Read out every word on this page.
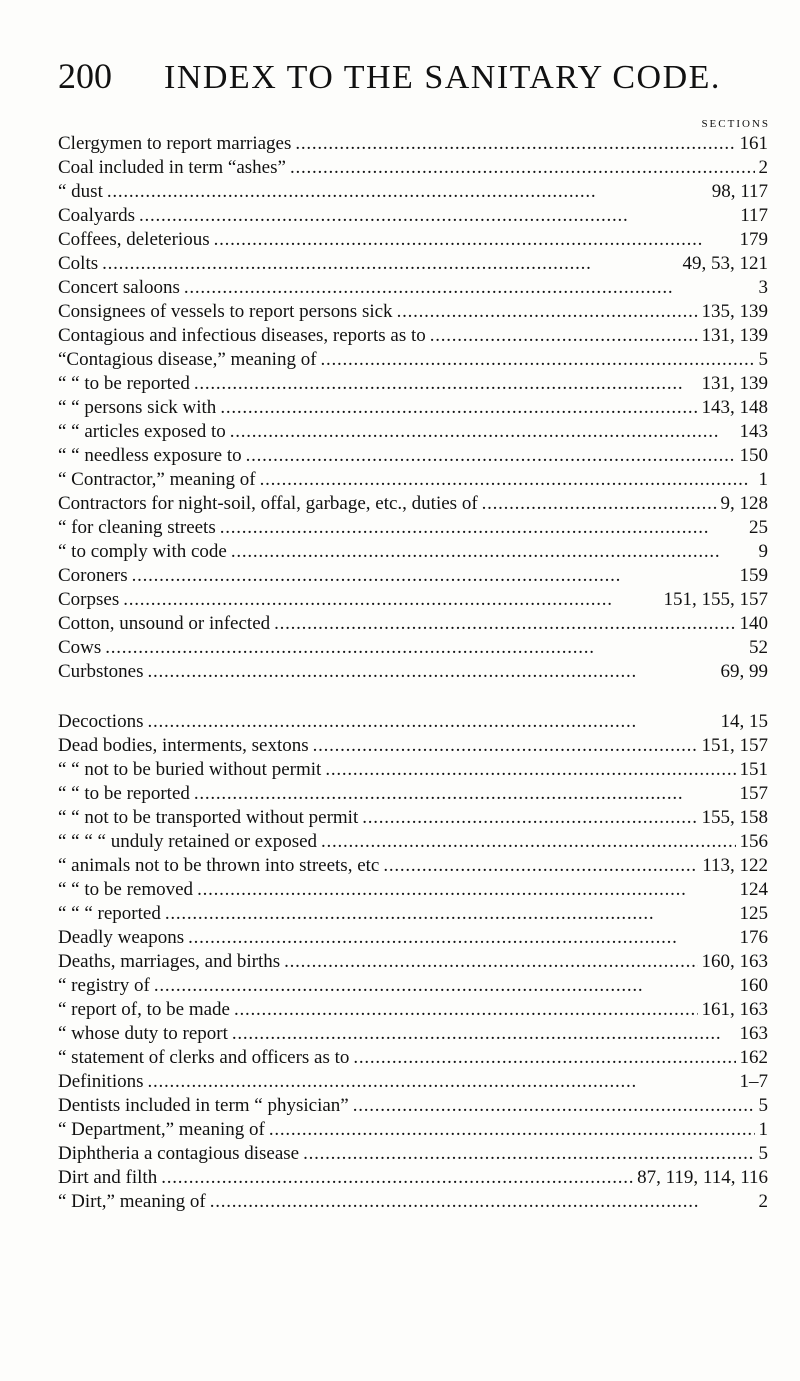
200 INDEX TO THE SANITARY CODE.
SECTIONS
Clergymen to report marriages . . .	161
Coal included in term “ashes” . . .	2
“ dust . . .	98, 117
Coalyards . . .	117
Coffees, deleterious . . .	179
Colts . . .	49, 53, 121
Concert saloons . . .	3
Consignees of vessels to report persons sick . . .	135, 139
Contagious and infectious diseases, reports as to . . .	131, 139
“Contagious disease,” meaning of . . .	5
“ “ to be reported . . .	131, 139
“ “ persons sick with . . .	143, 148
“ “ articles exposed to . . .	143
“ “ needless exposure to . . .	150
“ Contractor,” meaning of . . .	1
Contractors for night-soil, offal, garbage, etc., duties of . . .	9, 128
“ for cleaning streets . . .	25
“ to comply with code . . .	9
Coroners . . .	159
Corpses . . .	151, 155, 157
Cotton, unsound or infected . . .	140
Cows . . .	52
Curbstones . . .	69, 99
Decoctions . . .	14, 15
Dead bodies, interments, sextons . . .	151, 157
“ “ not to be buried without permit . . .	151
“ “ to be reported . . .	157
“ “ not to be transported without permit . . .	155, 158
“ “ “ “ unduly retained or exposed . . .	156
“ animals not to be thrown into streets, etc . . .	113, 122
“ “ to be removed . . .	124
“ “ “ reported . . .	125
Deadly weapons . . .	176
Deaths, marriages, and births . . .	160, 163
“ registry of . . .	160
“ report of, to be made . . .	161, 163
“ whose duty to report . . .	163
“ statement of clerks and officers as to . . .	162
Definitions . . .	1–7
Dentists included in term “ physician” . . .	5
“ Department,” meaning of . . .	1
Diphtheria a contagious disease . . .	5
Dirt and filth . . .	87, 119, 114, 116
“ Dirt,” meaning of . . .	2
